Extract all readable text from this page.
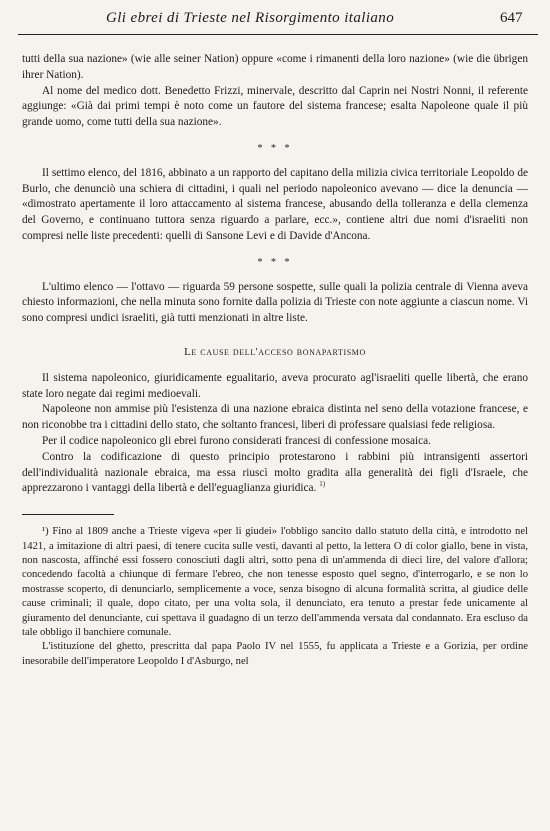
Gli ebrei di Trieste nel Risorgimento italiano	647

tutti della sua nazione» (wie alle seiner Nation) oppure «come i rimanenti della loro nazione» (wie die übrigen ihrer Nation).

Al nome del medico dott. Benedetto Frizzi, minervale, descritto dal Caprin nei Nostri Nonni, il referente aggiunge: «Già dai primi tempi è noto come un fautore del sistema francese; esalta Napoleone quale il più grande uomo, come tutti della sua nazione».

* * *

Il settimo elenco, del 1816, abbinato a un rapporto del capitano della milizia civica territoriale Leopoldo de Burlo, che denunciò una schiera di cittadini, i quali nel periodo napoleonico avevano — dice la denuncia — «dimostrato apertamente il loro attaccamento al sistema francese, abusando della tolleranza e della clemenza del Governo, e continuano tuttora senza riguardo a parlare, ecc.», contiene altri due nomi d'israeliti non compresi nelle liste precedenti: quelli di Sansone Levi e di Davide d'Ancona.

* * *

L'ultimo elenco — l'ottavo — riguarda 59 persone sospette, sulle quali la polizia centrale di Vienna aveva chiesto informazioni, che nella minuta sono fornite dalla polizia di Trieste con note aggiunte a ciascun nome. Vi sono compresi undici israeliti, già tutti menzionati in altre liste.

Le cause dell'acceso bonapartismo

Il sistema napoleonico, giuridicamente egualitario, aveva procurato agl'israeliti quelle libertà, che erano state loro negate dai regimi medioevali.

Napoleone non ammise più l'esistenza di una nazione ebraica distinta nel seno della votazione francese, e non riconobbe tra i cittadini dello stato, che soltanto francesi, liberi di professare qualsiasi fede religiosa.

Per il codice napoleonico gli ebrei furono considerati francesi di confessione mosaica.

Contro la codificazione di questo principio protestarono i rabbini più intransigenti assertori dell'individualità nazionale ebraica, ma essa riuscì molto gradita alla generalità dei figli d'Israele, che apprezzarono i vantaggi della libertà e dell'eguaglianza giuridica. $^{1)}$

¹) Fino al 1809 anche a Trieste vigeva «per li giudei» l'obbligo sancito dallo statuto della città, e introdotto nel 1421, a imitazione di altri paesi, di tenere cucita sulle vesti, davanti al petto, la lettera O di color giallo, bene in vista, non nascosta, affinché essi fossero conosciuti dagli altri, sotto pena di un'ammenda di dieci lire, del valore d'allora; concedendo facoltà a chiunque di fermare l'ebreo, che non tenesse esposto quel segno, d'interrogarlo, e se non lo mostrasse scoperto, di denunciarlo, semplicemente a voce, senza bisogno di alcuna formalità scritta, al giudice delle cause criminali; il quale, dopo citato, per una volta sola, il denunciato, era tenuto a prestar fede unicamente al giuramento del denunciante, cui spettava il guadagno di un terzo dell'ammenda versata dal condannato. Era escluso da tale obbligo il banchiere comunale.

L'istituzione del ghetto, prescritta dal papa Paolo IV nel 1555, fu applicata a Trieste e a Gorizia, per ordine inesorabile dell'imperatore Leopoldo I d'Asburgo, nel
